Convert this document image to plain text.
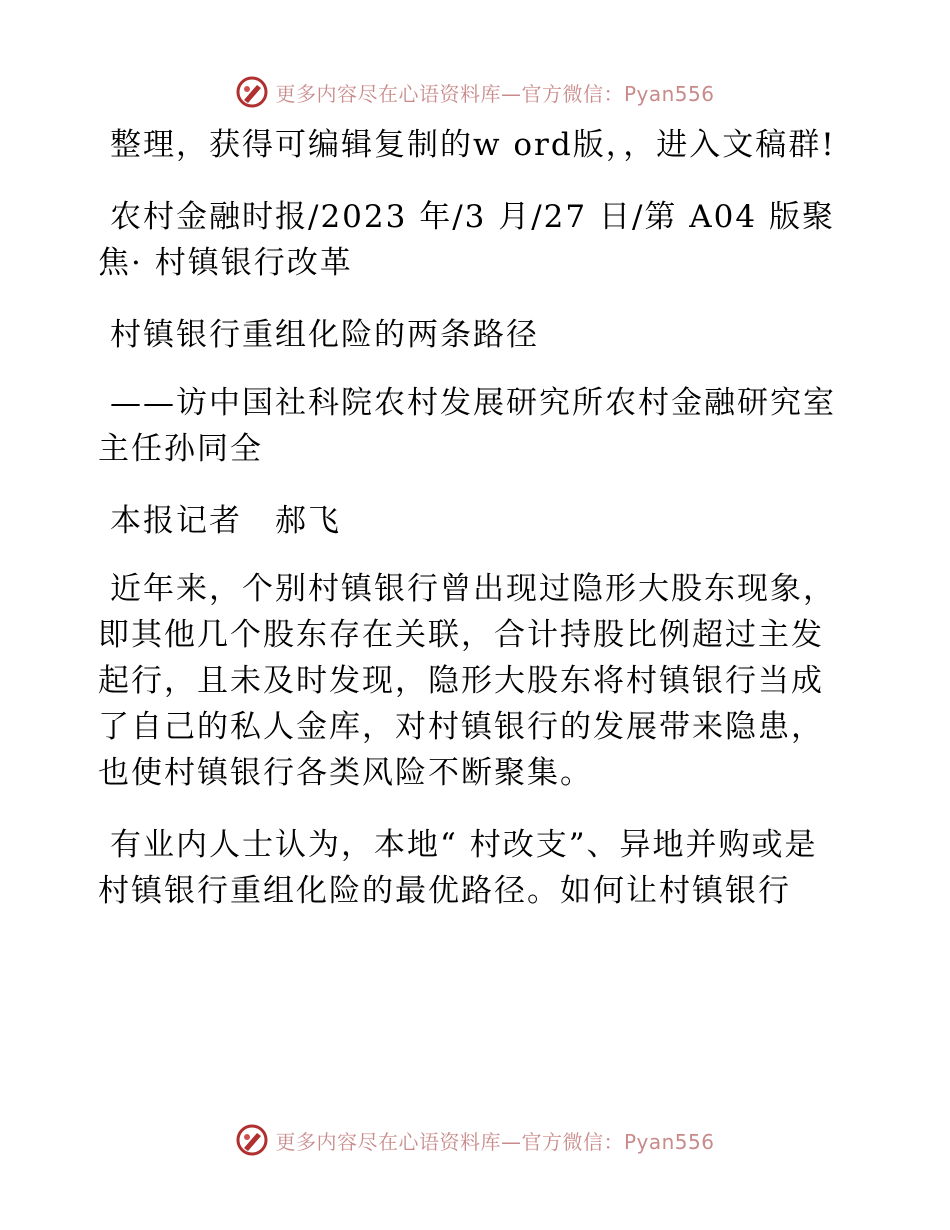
更多内容尽在心语资料库—官方微信：Pyan556

整理，获得可编辑复制的w ord版，，进入文稿群!

农村金融时报/2023 年/3 月/27 日/第 A04 版聚焦· 村镇银行改革

村镇银行重组化险的两条路径

——访中国社科院农村发展研究所农村金融研究室主任孙同全

本报记者　郝飞

近年来，个别村镇银行曾出现过隐形大股东现象，即其他几个股东存在关联，合计持股比例超过主发起行，且未及时发现，隐形大股东将村镇银行当成了自己的私人金库，对村镇银行的发展带来隐患，也使村镇银行各类风险不断聚集。

有业内人士认为，本地“ 村改支”、异地并购或是村镇银行重组化险的最优路径。如何让村镇银行

更多内容尽在心语资料库—官方微信：Pyan556
